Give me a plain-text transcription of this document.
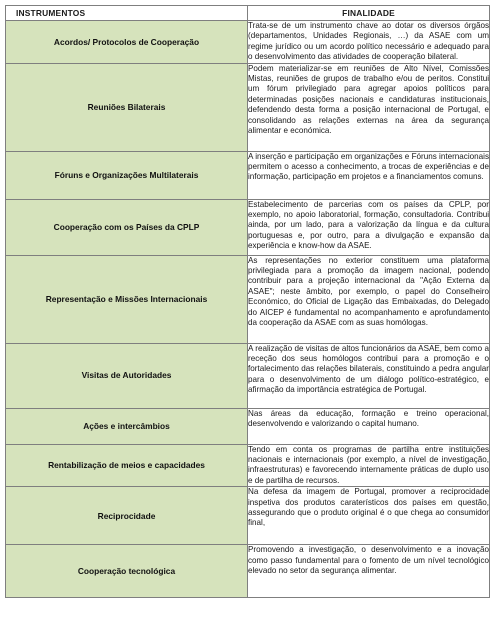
INSTRUMENTOS	FINALIDADE
Acordos/ Protocolos de Cooperação	Trata-se de um instrumento chave ao dotar os diversos órgãos (departamentos, Unidades Regionais, …) da ASAE com um regime jurídico ou um acordo político necessário e adequado para o desenvolvimento das atividades de cooperação bilateral.
Reuniões Bilaterais	Podem materializar-se em reuniões de Alto Nível, Comissões Mistas, reuniões de grupos de trabalho e/ou de peritos. Constitui um fórum privilegiado para agregar apoios políticos para determinadas posições nacionais e candidaturas institucionais, defendendo desta forma a posição internacional de Portugal, e consolidando as relações externas na área da segurança alimentar e económica.
Fóruns e Organizações Multilaterais	A inserção e participação em organizações e Fóruns internacionais permitem o acesso a conhecimento, a trocas de experiências e de informação, participação em projetos e a financiamentos comuns.
Cooperação com os Países da CPLP	Estabelecimento de parcerias com os países da CPLP, por exemplo, no apoio laboratorial, formação, consultadoria. Contribui ainda, por um lado, para a valorização da língua e da cultura portuguesas e, por outro, para a divulgação e expansão da experiência e know-how da ASAE.
Representação e Missões Internacionais	As representações no exterior constituem uma plataforma privilegiada para a promoção da imagem nacional, podendo contribuir para a projeção internacional da "Ação Externa da ASAE"; neste âmbito, por exemplo, o papel do Conselheiro Económico, do Oficial de Ligação das Embaixadas, do Delegado do AICEP é fundamental no acompanhamento e aprofundamento da cooperação da ASAE com as suas homólogas.
Visitas de Autoridades	A realização de visitas de altos funcionários da ASAE, bem como a receção dos seus homólogos contribui para a promoção e o fortalecimento das relações bilaterais, constituindo a pedra angular para o desenvolvimento de um diálogo político-estratégico, e afirmação da importância estratégica de Portugal.
Ações e intercâmbios	Nas áreas da educação, formação e treino operacional, desenvolvendo e valorizando o capital humano.
Rentabilização de meios e capacidades	Tendo em conta os programas de partilha entre instituições nacionais e internacionais (por exemplo, a nível de investigação, infraestruturas) e favorecendo internamente práticas de duplo uso e de partilha de recursos.
Reciprocidade	Na defesa da imagem de Portugal, promover a reciprocidade inspetiva dos produtos caraterísticos dos países em questão, assegurando que o produto original é o que chega ao consumidor final,
Cooperação tecnológica	Promovendo a investigação, o desenvolvimento e a inovação como passo fundamental para o fomento de um nível tecnológico elevado no setor da segurança alimentar.
